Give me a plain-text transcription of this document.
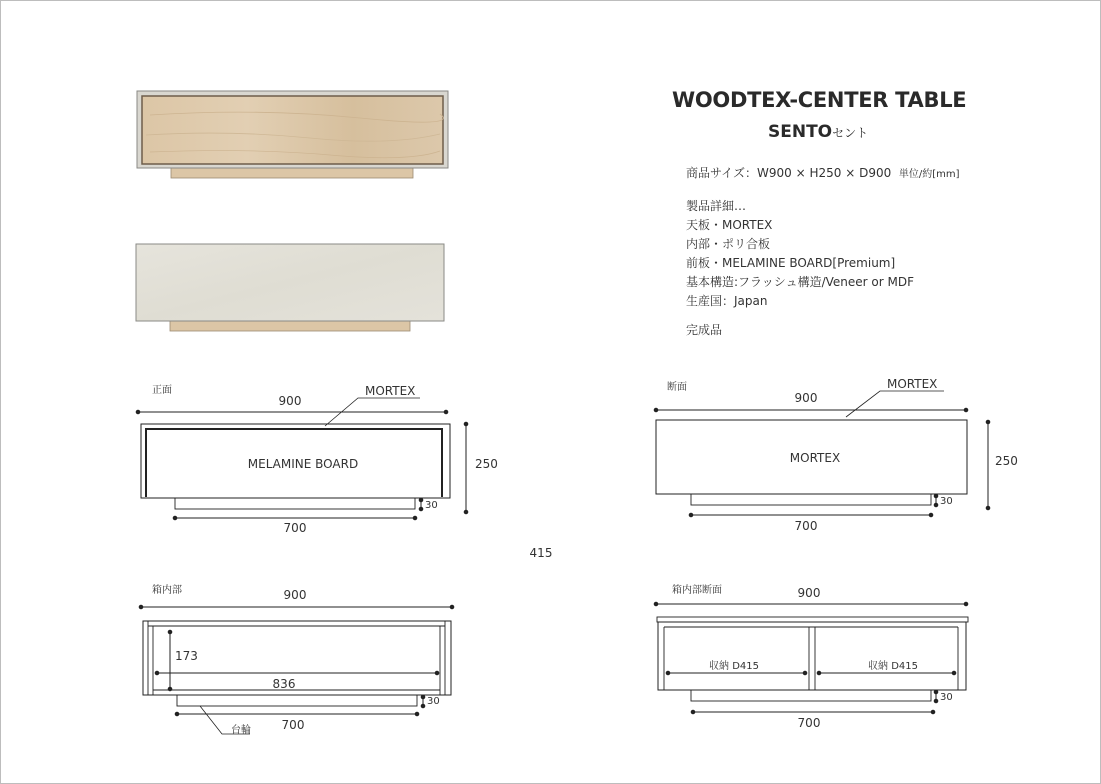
WOODTEX-CENTER TABLE
SENTOセント
商品サイズ：W900 × H250 × D900 単位/約[mm]
製品詳細…
天板・MORTEX
内部・ポリ合板
前板・MELAMINE BOARD[Premium]
基本構造:フラッシュ構造/Veneer or MDF
生産国：Japan
完成品
正面
900
MORTEX
MELAMINE BOARD	250
30
700
断面
900
MORTEX
MORTEX	250
30
700
415
箱内部	900
173
836
30
700
台輪
箱内部断面	900
収納 D415	収納 D415
30
700
